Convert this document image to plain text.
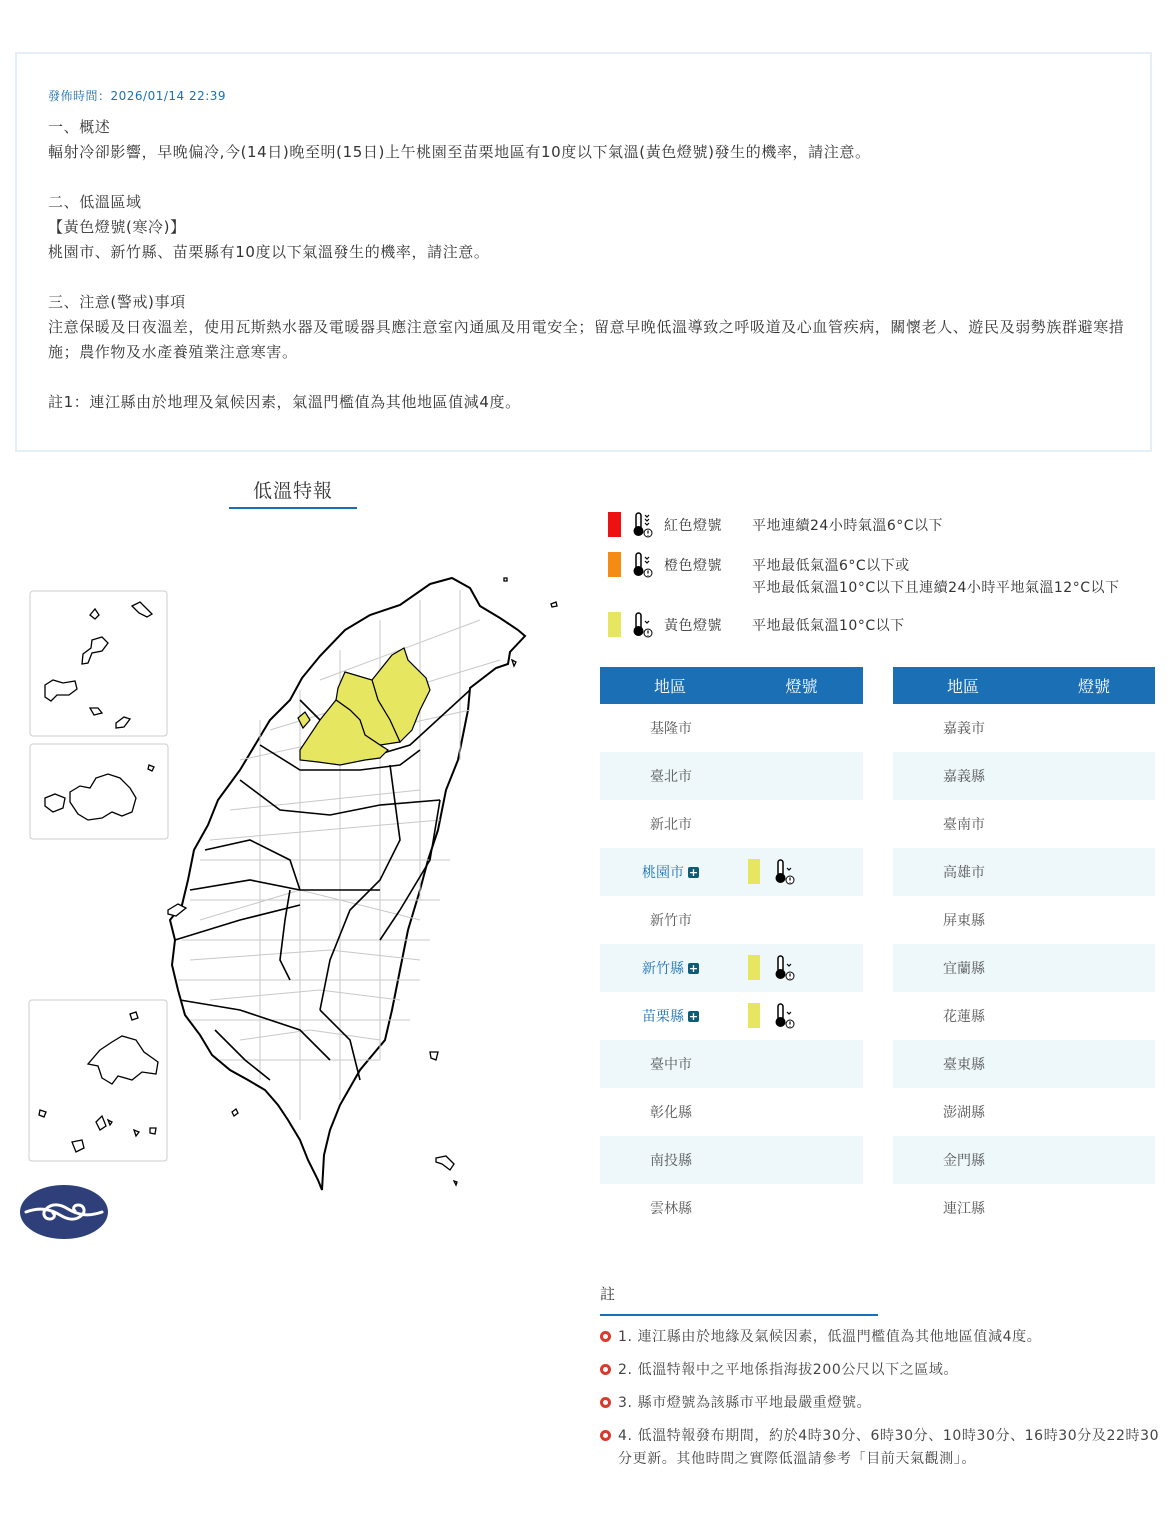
發佈時間：2026/01/14 22:39

一、概述

輻射冷卻影響，早晚偏冷,今(14日)晚至明(15日)上午桃園至苗栗地區有10度以下氣溫(黃色燈號)發生的機率，請注意。

二、低溫區域

【黃色燈號(寒冷)】

桃園市、新竹縣、苗栗縣有10度以下氣溫發生的機率，請注意。

三、注意(警戒)事項

注意保暖及日夜溫差，使用瓦斯熱水器及電暖器具應注意室內通風及用電安全；留意早晚低溫導致之呼吸道及心血管疾病，關懷老人、遊民及弱勢族群避寒措施；農作物及水產養殖業注意寒害。

註1：連江縣由於地理及氣候因素，氣溫門檻值為其他地區值減4度。

低溫特報
紅色燈號 平地連續24小時氣溫6°C以下
橙色燈號 平地最低氣溫6°C以下或
平地最低氣溫10°C以下且連續24小時平地氣溫12°C以下
黃色燈號 平地最低氣溫10°C以下
地區	燈號
基隆市	
臺北市	
新北市	
桃園市 +	

新竹市	
新竹縣 +	

苗栗縣 +	

臺中市	
彰化縣	
南投縣	
雲林縣	
地區	燈號
嘉義市	
嘉義縣	
臺南市	
高雄市	
屏東縣	
宜蘭縣	
花蓮縣	
臺東縣	
澎湖縣	
金門縣	
連江縣	
註
1. 連江縣由於地緣及氣候因素，低溫門檻值為其他地區值減4度。
2. 低溫特報中之平地係指海拔200公尺以下之區域。
3. 縣市燈號為該縣市平地最嚴重燈號。
4. 低溫特報發布期間，約於4時30分、6時30分、10時30分、16時30分及22時30分更新。其他時間之實際低溫請參考「目前天氣觀測」。
